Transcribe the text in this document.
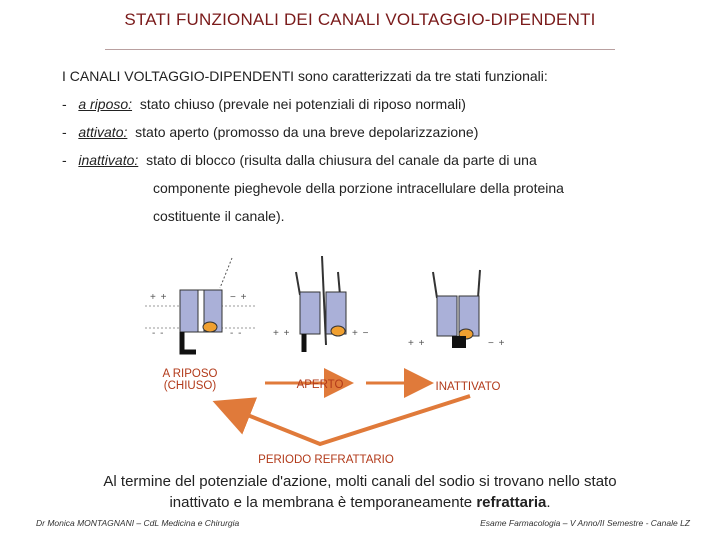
STATI FUNZIONALI DEI CANALI VOLTAGGIO-DIPENDENTI
I CANALI VOLTAGGIO-DIPENDENTI sono caratterizzati da tre stati funzionali:
- a riposo: stato chiuso (prevale nei potenziali di riposo normali)
- attivato: stato aperto (promosso da una breve depolarizzazione)
- inattivato: stato di blocco (risulta dalla chiusura del canale da parte di una
componente pieghevole della porzione intracellulare della proteina
costituente il canale).
+ +	− +
- -	- -	+ +	+ −
+ +	− +
A RIPOSO
(CHIUSO)	APERTO	INATTIVATO
PERIODO REFRATTARIO
Al termine del potenziale d'azione, molti canali del sodio si trovano nello stato
inattivato e la membrana è temporaneamente refrattaria.
Dr Monica MONTAGNANI – CdL Medicina e Chirurgia	Esame Farmacologia – V Anno/II Semestre - Canale LZ
